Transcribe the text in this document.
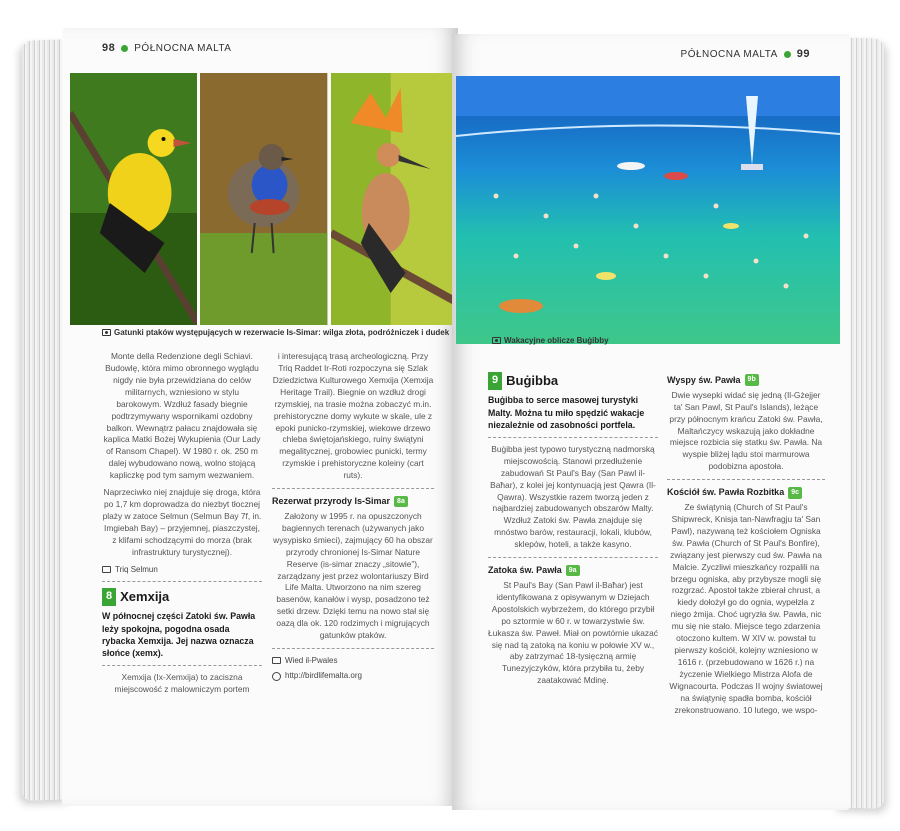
98 PÓŁNOCNA MALTA
Gatunki ptaków występujących w rezerwacie Is-Simar: wilga złota, podróżniczek i dudek

Monte della Redenzione degli Schiavi. Budowlę, która mimo obronnego wyglądu nigdy nie była przewidziana do celów militarnych, wzniesiono w stylu barokowym. Wzdłuż fasady biegnie podtrzymywany wspornikami ozdobny balkon. Wewnątrz pałacu znajdowała się kaplica Matki Bożej Wykupienia (Our Lady of Ransom Chapel). W 1980 r. ok. 250 m dalej wybudowano nową, wolno stojącą kapliczkę pod tym samym wezwaniem.

Naprzeciwko niej znajduje się droga, która po 1,7 km doprowadza do niezbyt tłocznej plaży w zatoce Selmun (Selmun Bay 7f, in. Imgiebah Bay) – przyjemnej, piaszczystej, z klifami schodzącymi do morza (brak infrastruktury turystycznej).

Triq Selmun
8 Xemxija
W północnej części Zatoki św. Pawła leży spokojna, pogodna osada rybacka Xemxija. Jej nazwa oznacza słońce (xemx).

Xemxija (Ix-Xemxija) to zaciszna miejscowość z malowniczym portem

i interesującą trasą archeologiczną. Przy Triq Raddet Ir-Roti rozpoczyna się Szlak Dziedzictwa Kulturowego Xemxija (Xemxija Heritage Trail). Biegnie on wzdłuż drogi rzymskiej, na trasie można zobaczyć m.in. prehistoryczne domy wykute w skale, ule z epoki punicko-rzymskiej, wiekowe drzewo chleba świętojańskiego, ruiny świątyni megalitycznej, grobowiec punicki, termy rzymskie i prehistoryczne koleiny (cart ruts).

Rezerwat przyrody Is-Simar	8a

Założony w 1995 r. na opuszczonych bagiennych terenach (używanych jako wysypisko śmieci), zajmujący 60 ha obszar przyrody chronionej Is-Simar Nature Reserve (is-simar znaczy „sitowie”), zarządzany jest przez wolontariuszy Bird Life Malta. Utworzono na nim szereg basenów, kanałów i wysp, posadzono też setki drzew. Dzięki temu na nowo stał się oazą dla ok. 120 rodzimych i migrujących gatunków ptaków.

Wied il-Pwales
http://birdlifemalta.org
PÓŁNOCNA MALTA 99
Wakacyjne oblicze Buġibby
9 Buġibba
Buġibba to serce masowej turystyki Malty. Można tu miło spędzić wakacje niezależnie od zasobności portfela.

Buġibba jest typowo turystyczną nadmorską miejscowością. Stanowi przedłużenie zabudowań St Paul's Bay (San Pawl il-Baħar), z kolei jej kontynuacją jest Qawra (Il-Qawra). Wszystkie razem tworzą jeden z najbardziej zabudowanych obszarów Malty. Wzdłuż Zatoki św. Pawła znajduje się mnóstwo barów, restauracji, lokali, klubów, sklepów, hoteli, a także kasyno.

Zatoka św. Pawła	9a

St Paul's Bay (San Pawl il-Baħar) jest identyfikowana z opisywanym w Dziejach Apostolskich wybrzeżem, do którego przybił po sztormie w 60 r. w towarzystwie św. Łukasza św. Paweł. Miał on powtórnie ukazać się nad tą zatoką na koniu w połowie XV w., aby zatrzymać 18-tysięczną armię Tunezyjczyków, która przybiła tu, żeby zaatakować Mdinę.

Wyspy św. Pawła	9b

Dwie wysepki widać się jedną (Il-Gżejjer ta' San Pawl, St Paul's Islands), leżące przy północnym krańcu Zatoki św. Pawła, Maltańczycy wskazują jako dokładne miejsce rozbicia się statku św. Pawła. Na wyspie bliżej lądu stoi marmurowa podobizna apostoła.

Kościół św. Pawła Rozbitka	9c

Ze świątynią (Church of St Paul's Shipwreck, Knisja tan-Nawfragju ta' San Pawl), nazywaną też kościołem Ogniska św. Pawła (Church of St Paul's Bonfire), związany jest pierwszy cud św. Pawła na Malcie. Zyczliwi mieszkańcy rozpalili na brzegu ogniska, aby przybysze mogli się rozgrzać. Apostoł także zbierał chrust, a kiedy dołożył go do ognia, wypełzła z niego żmija. Choć ugryzła św. Pawła, nic mu się nie stało. Miejsce tego zdarzenia otoczono kultem. W XIV w. powstał tu pierwszy kościół, kolejny wzniesiono w 1616 r. (przebudowano w 1626 r.) na życzenie Wielkiego Mistrza Alofa de Wignacourta. Podczas II wojny światowej na świątynię spadła bomba, kościół zrekonstruowano. 10 lutego, we wspo-
